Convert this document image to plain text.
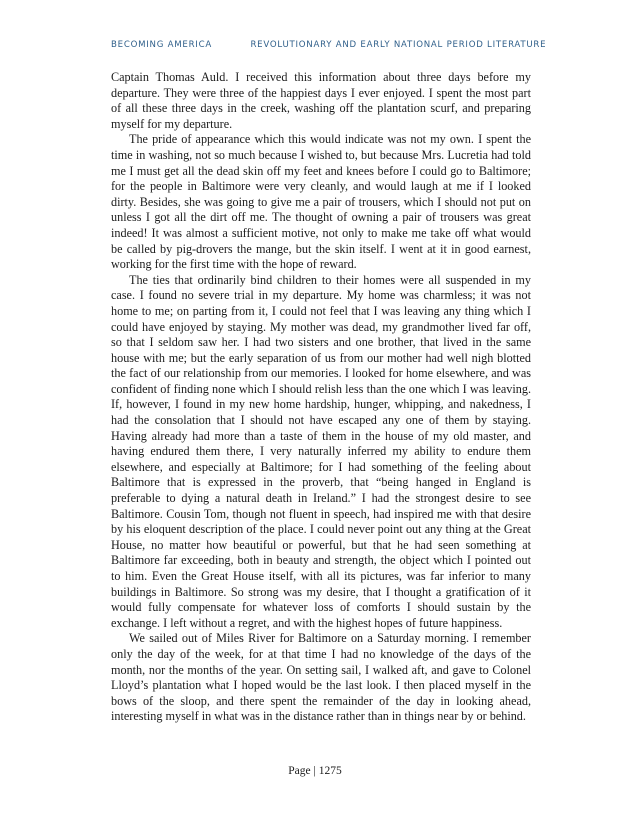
BECOMING AMERICA	REVOLUTIONARY AND EARLY NATIONAL PERIOD LITERATURE

Captain Thomas Auld. I received this information about three days before my departure. They were three of the happiest days I ever enjoyed. I spent the most part of all these three days in the creek, washing off the plantation scurf, and preparing myself for my departure.

The pride of appearance which this would indicate was not my own. I spent the time in washing, not so much because I wished to, but because Mrs. Lucretia had told me I must get all the dead skin off my feet and knees before I could go to Baltimore; for the people in Baltimore were very cleanly, and would laugh at me if I looked dirty. Besides, she was going to give me a pair of trousers, which I should not put on unless I got all the dirt off me. The thought of owning a pair of trousers was great indeed! It was almost a sufficient motive, not only to make me take off what would be called by pig-drovers the mange, but the skin itself. I went at it in good earnest, working for the first time with the hope of reward.

The ties that ordinarily bind children to their homes were all suspended in my case. I found no severe trial in my departure. My home was charmless; it was not home to me; on parting from it, I could not feel that I was leaving any thing which I could have enjoyed by staying. My mother was dead, my grandmother lived far off, so that I seldom saw her. I had two sisters and one brother, that lived in the same house with me; but the early separation of us from our mother had well nigh blotted the fact of our relationship from our memories. I looked for home elsewhere, and was confident of finding none which I should relish less than the one which I was leaving. If, however, I found in my new home hardship, hunger, whipping, and nakedness, I had the consolation that I should not have escaped any one of them by staying. Having already had more than a taste of them in the house of my old master, and having endured them there, I very naturally inferred my ability to endure them elsewhere, and especially at Baltimore; for I had something of the feeling about Baltimore that is expressed in the proverb, that “being hanged in England is preferable to dying a natural death in Ireland.” I had the strongest desire to see Baltimore. Cousin Tom, though not fluent in speech, had inspired me with that desire by his eloquent description of the place. I could never point out any thing at the Great House, no matter how beautiful or powerful, but that he had seen something at Baltimore far exceeding, both in beauty and strength, the object which I pointed out to him. Even the Great House itself, with all its pictures, was far inferior to many buildings in Baltimore. So strong was my desire, that I thought a gratification of it would fully compensate for whatever loss of comforts I should sustain by the exchange. I left without a regret, and with the highest hopes of future happiness.

We sailed out of Miles River for Baltimore on a Saturday morning. I remember only the day of the week, for at that time I had no knowledge of the days of the month, nor the months of the year. On setting sail, I walked aft, and gave to Colonel Lloyd’s plantation what I hoped would be the last look. I then placed myself in the bows of the sloop, and there spent the remainder of the day in looking ahead, interesting myself in what was in the distance rather than in things near by or behind.

Page | 1275
